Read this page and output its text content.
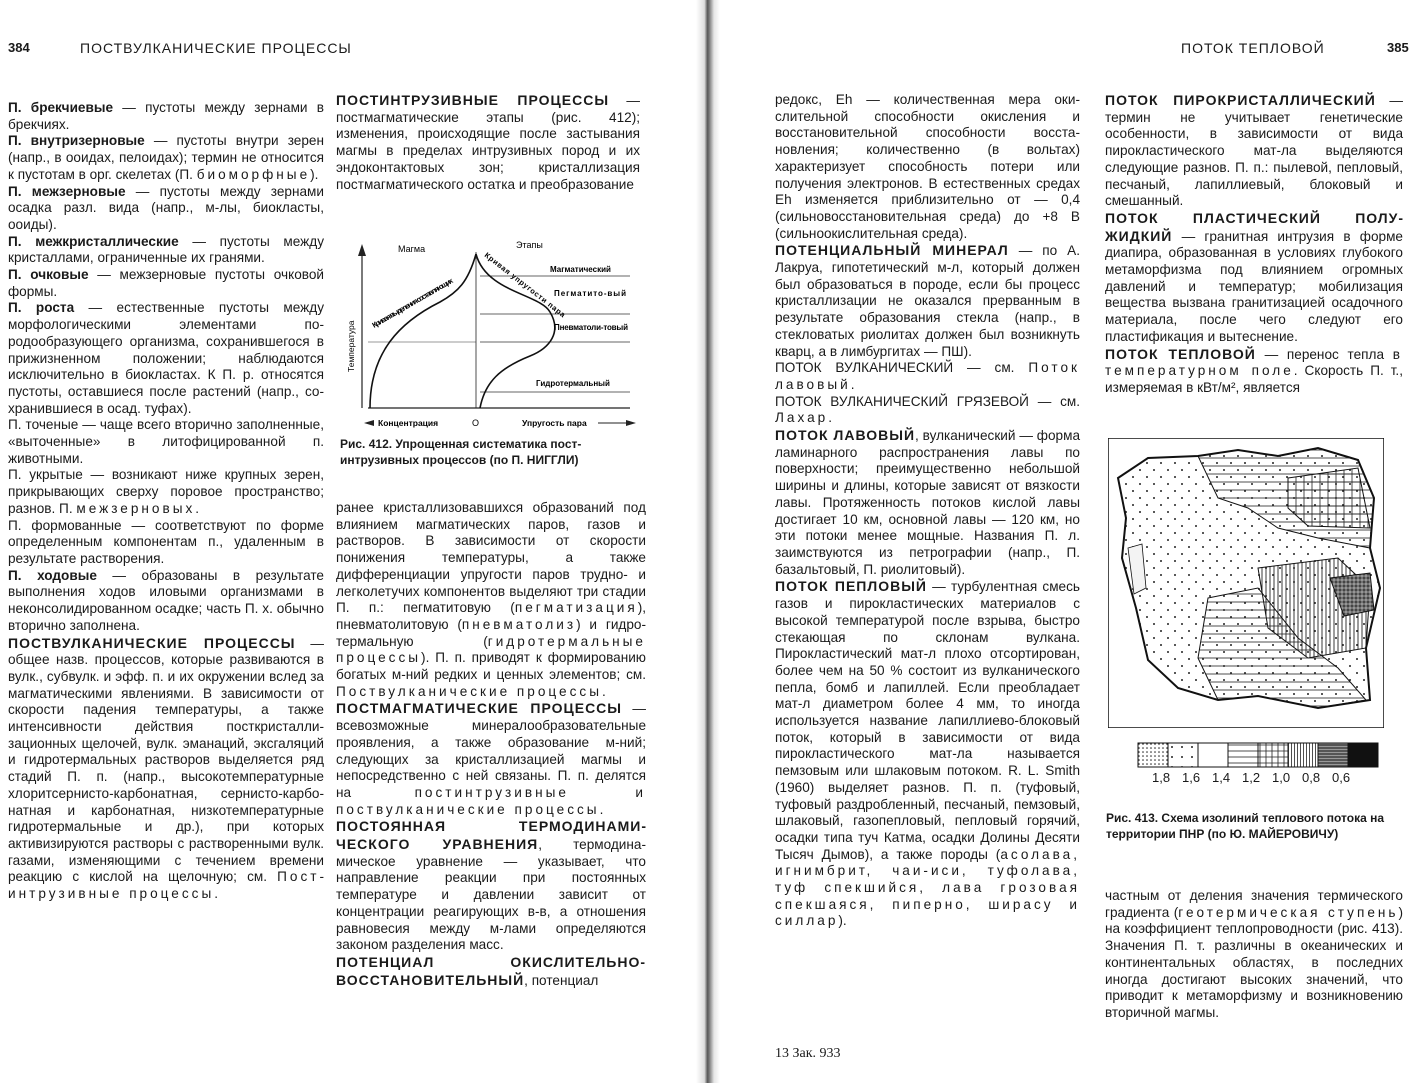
384	ПОСТВУЛКАНИЧЕСКИЕ ПРОЦЕССЫ

П. брекчиевые — пустоты между зернами в брекчиях.

П. внутризерновые — пустоты внутри зерен (напр., в ооидах, пелоидах); термин не относится к пустотам в орг. скелетах (П. биоморфные).

П. межзерновые — пустоты между зернами осадка разл. вида (напр., м-лы, биокласты, ооиды).

П. межкристаллические — пустоты между кристаллами, ограниченные их гранями.

П. очковые — межзерновые пустоты очковой формы.

П. роста — естественные пустоты между морфологическими элементами породообразующего организма, сохранившегося в прижизненном положении; наблюдаются исключительно в биокластах. К П. р. относятся пустоты, оставшиеся после растений (напр., сохранившиеся в осад. туфах).

П. точеные — чаще всего вторично заполненные, «выточенные» в литофицированной п. животными.

П. укрытые — возникают ниже крупных зерен, прикрывающих сверху поровое пространство; разнов. П. межзерновых.

П. формованные — соответствуют по форме определенным компонентам п., удаленным в результате растворения.

П. ходовые — образованы в результате выполнения ходов иловыми организмами в неконсолидированном осадке; часть П. х. обычно вторично заполнена.

ПОСТВУЛКАНИЧЕСКИЕ ПРОЦЕССЫ — общее назв. процессов, которые развиваются в вулк., субвулк. и эфф. п. и их окружении вслед за магматическими явлениями. В зависимости от скорости падения температуры, а также интенсивности действия посткристаллизационных щелочей, вулк. эманаций, эксгаляций и гидротермальных растворов выделяется ряд стадий П. п. (напр., высокотемпературные хлоритсернисто-карбонатная, сернисто-карбонатная и карбонатная, низкотемпературные гидротермальные и др.), при которых активизируются растворы с растворенными вулк. газами, изменяющими с течением времени реакцию с кислой на щелочную; см. Постинтрузивные процессы.

ПОСТИНТРУЗИВНЫЕ ПРОЦЕССЫ — постмагматические этапы (рис. 412); изменения, происходящие после застывания магмы в пределах интрузивных пород и их эндоконтактовых зон; кристаллизация постмагматического остатка и преобразование

Магма	Этапы
Магматический
Пегматито-вый
Пневматоли-товый
Гидротермальный
Температура Кривая выделения составляющих
Кривая упругости пара
Концентрация	О	Упругость пара
Рис. 412. Упрощенная систематика постинтрузивных процессов (по П. НИГГЛИ)

ранее кристаллизовавшихся образований под влиянием магматических паров, газов и растворов. В зависимости от скорости понижения температуры, а также дифференциации упругости паров трудно- и легколетучих компонентов выделяют три стадии П. п.: пегматитовую (пегматизация), пневматолитовую (пневматолиз) и гидротермальную (гидротермальные процессы). П. п. приводят к формированию богатых м-ний редких и ценных элементов; см. Поствулканические процессы.

ПОСТМАГМАТИЧЕСКИЕ ПРОЦЕССЫ — всевозможные минералообразовательные проявления, а также образование м-ний; следующих за кристаллизацией магмы и непосредственно с ней связаны. П. п. делятся на	постинтрузивные и поствулканические процессы.

ПОСТОЯННАЯ ТЕРМОДИНАМИЧЕСКОГО УРАВНЕНИЯ, термодинамическое уравнение — указывает, что направление реакции при постоянных температуре и давлении зависит от концентрации реагирующих в-в, а отношения равновесия между м-лами определяются законом разделения масс.

ПОТЕНЦИАЛ ОКИСЛИТЕЛЬНО-ВОССТАНОВИТЕЛЬНЫЙ, потенциал

ПОТОК ТЕПЛОВОЙ	385

редокс, Eh — количественная мера окислительной способности окисления и восстановительной способности восстановления; количественно (в вольтах) характеризует способность потери или получения электронов. В естественных средах Eh изменяется приблизительно от — 0,4 (сильновосстановительная среда) до +8 В (сильноокислительная среда).

ПОТЕНЦИАЛЬНЫЙ МИНЕРАЛ — по А. Лакруа, гипотетический м-л, который должен был образоваться в породе, если бы процесс кристаллизации не оказался прерванным в результате образования стекла (напр., в стекловатых риолитах должен был возникнуть кварц, а в лимбургитах — ПШ).

ПОТОК ВУЛКАНИЧЕСКИЙ — см. Поток лавовый.

ПОТОК ВУЛКАНИЧЕСКИЙ ГРЯЗЕВОЙ — см. Лахар.

ПОТОК ЛАВОВЫЙ, вулканический — форма ламинарного распространения лавы по поверхности; преимущественно небольшой ширины и длины, которые зависят от вязкости лавы. Протяженность потоков кислой лавы достигает 10 км, основной лавы — 120 км, но эти потоки менее мощные. Названия П. л. заимствуются из петрографии (напр., П. базальтовый, П. риолитовый).

ПОТОК ПЕПЛОВЫЙ — турбулентная смесь газов и пирокластических материалов с высокой температурой после взрыва, быстро стекающая по склонам вулкана. Пирокластический мат-л плохо отсортирован, более чем на 50 % состоит из вулканического пепла, бомб и лапиллей. Если преобладает мат-л диаметром более 4 мм, то иногда используется название лапиллиево-блоковый поток, который в зависимости от вида пирокластического мат-ла называется пемзовым или шлаковым потоком. R. L. Smith (1960) выделяет разнов. П. п. (туфовый, туфовый раздробленный, песчаный, пемзовый, шлаковый, газопепловый, пепловый горячий, осадки типа туч Катма, осадки Долины Десяти Тысяч Дымов), а также породы (асолава, игнимбрит, чаи-иси, туфолава, туф спекшийся, лава грозовая спекшаяся, пиперно, ширасу и силлар).

13 Зак. 933

ПОТОК ПИРОКРИСТАЛЛИЧЕСКИЙ — термин не учитывает генетические особенности, в зависимости от вида пирокластического мат-ла выделяются следующие разнов. П. п.: пылевой, пепловый, песчаный, лапиллиевый, блоковый и смешанный.

ПОТОК ПЛАСТИЧЕСКИЙ ПОЛУЖИДКИЙ — гранитная интрузия в форме диапира, образованная в условиях глубокого метаморфизма под влиянием огромных давлений и температур; мобилизация вещества вызвана гранитизацией осадочного материала, после чего следуют его пластификация и вытеснение.

ПОТОК ТЕПЛОВОЙ — перенос тепла в температурном поле. Скорость П. т., измеряемая в кВт/м², является

1,8 1,6 1,4 1,2 1,0 0,8 0,6
Рис. 413. Схема изолиний теплового потока на территории ПНР (по Ю. МАЙЕРОВИЧУ)

частным от деления значения термического градиента (геотермическая ступень) на коэффициент теплопроводности (рис. 413). Значения П. т. различны в океанических и континентальных областях, в последних иногда достигают высоких значений, что приводит к метаморфизму и возникновению вторичной магмы.
